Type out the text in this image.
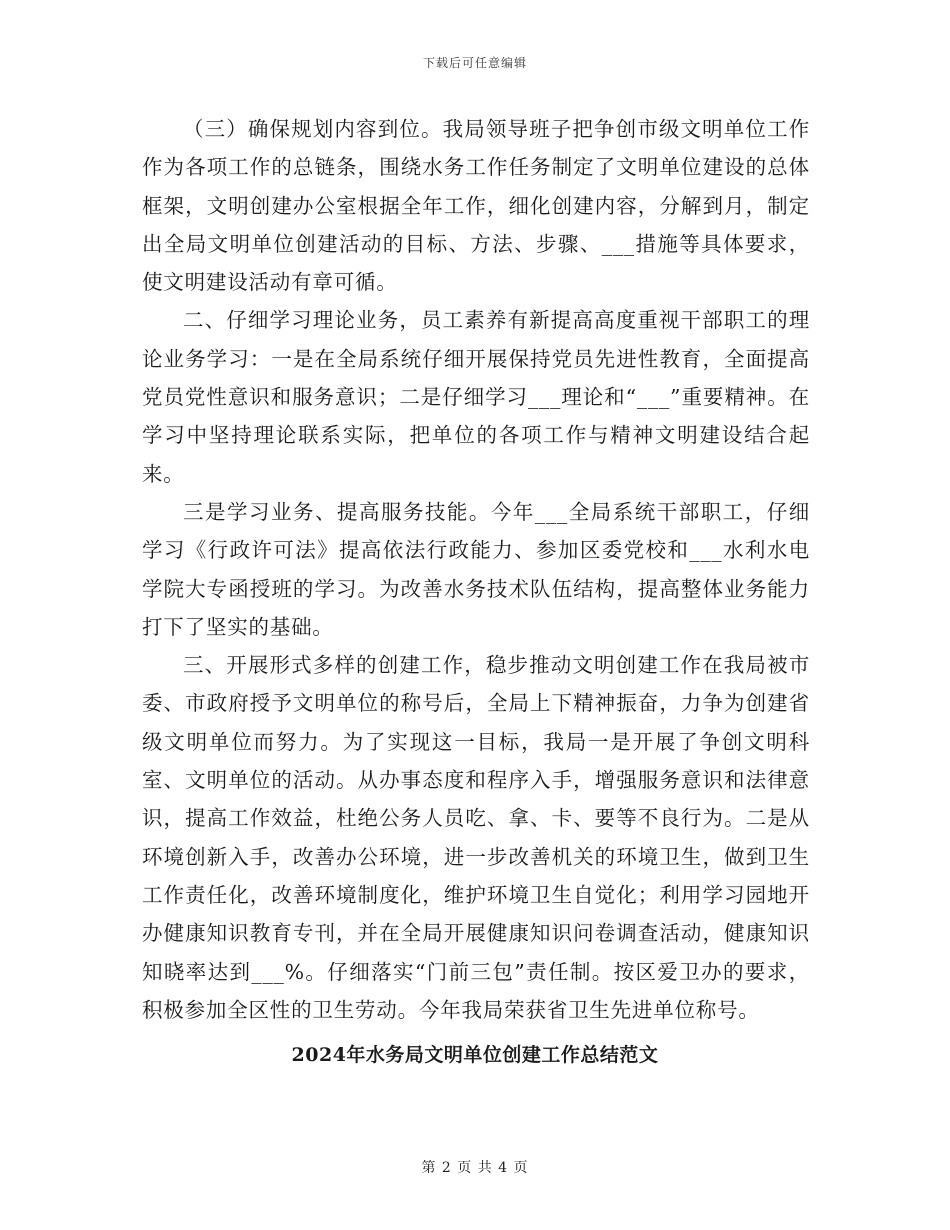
下载后可任意编辑

（三）确保规划内容到位。我局领导班子把争创市级文明单位工作作为各项工作的总链条，围绕水务工作任务制定了文明单位建设的总体框架，文明创建办公室根据全年工作，细化创建内容，分解到月，制定出全局文明单位创建活动的目标、方法、步骤、___措施等具体要求，使文明建设活动有章可循。

二、仔细学习理论业务，员工素养有新提高高度重视干部职工的理论业务学习：一是在全局系统仔细开展保持党员先进性教育，全面提高党员党性意识和服务意识；二是仔细学习___理论和“___”重要精神。在学习中坚持理论联系实际，把单位的各项工作与精神文明建设结合起来。

三是学习业务、提高服务技能。今年___全局系统干部职工，仔细学习《行政许可法》提高依法行政能力、参加区委党校和___水利水电学院大专函授班的学习。为改善水务技术队伍结构，提高整体业务能力打下了坚实的基础。

三、开展形式多样的创建工作，稳步推动文明创建工作在我局被市委、市政府授予文明单位的称号后，全局上下精神振奋，力争为创建省级文明单位而努力。为了实现这一目标，我局一是开展了争创文明科室、文明单位的活动。从办事态度和程序入手，增强服务意识和法律意识，提高工作效益，杜绝公务人员吃、拿、卡、要等不良行为。二是从环境创新入手，改善办公环境，进一步改善机关的环境卫生，做到卫生工作责任化，改善环境制度化，维护环境卫生自觉化；利用学习园地开办健康知识教育专刊，并在全局开展健康知识问卷调查活动，健康知识知晓率达到___%。仔细落实“门前三包”责任制。按区爱卫办的要求，积极参加全区性的卫生劳动。今年我局荣获省卫生先进单位称号。

2024年水务局文明单位创建工作总结范文
第 2 页 共 4 页
